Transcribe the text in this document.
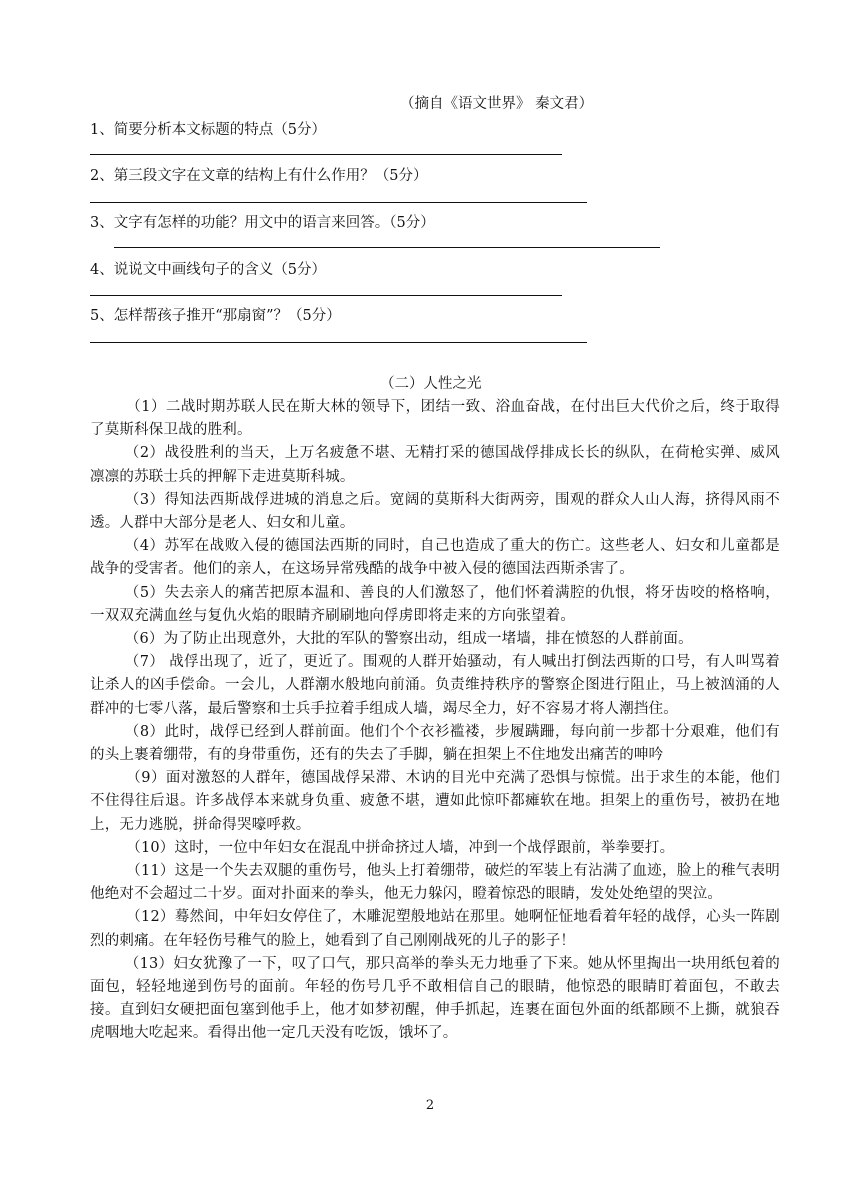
（摘自《语文世界》 秦文君）
1、简要分析本文标题的特点（5分）
2、第三段文字在文章的结构上有什么作用？（5分）
3、文字有怎样的功能？用文中的语言来回答。（5分）
4、说说文中画线句子的含义（5分）
5、怎样帮孩子推开“那扇窗”？（5分）
（二）人性之光

（1）二战时期苏联人民在斯大林的领导下，团结一致、浴血奋战，在付出巨大代价之后，终于取得了莫斯科保卫战的胜利。

（2）战役胜利的当天，上万名疲惫不堪、无精打采的德国战俘排成长长的纵队，在荷枪实弹、威风凛凛的苏联士兵的押解下走进莫斯科城。

（3）得知法西斯战俘进城的消息之后。宽阔的莫斯科大街两旁，围观的群众人山人海，挤得风雨不透。人群中大部分是老人、妇女和儿童。

（4）苏军在战败入侵的德国法西斯的同时，自己也造成了重大的伤亡。这些老人、妇女和儿童都是战争的受害者。他们的亲人，在这场异常残酷的战争中被入侵的德国法西斯杀害了。

（5）失去亲人的痛苦把原本温和、善良的人们激怒了，他们怀着满腔的仇恨，将牙齿咬的格格响，一双双充满血丝与复仇火焰的眼睛齐刷刷地向俘虏即将走来的方向张望着。

（6）为了防止出现意外，大批的军队的警察出动，组成一堵墙，排在愤怒的人群前面。

（7） 战俘出现了，近了，更近了。围观的人群开始骚动，有人喊出打倒法西斯的口号，有人叫骂着让杀人的凶手偿命。一会儿，人群潮水般地向前涌。负责维持秩序的警察企图进行阻止，马上被汹涌的人群冲的七零八落，最后警察和士兵手拉着手组成人墙，竭尽全力，好不容易才将人潮挡住。

（8）此时，战俘已经到人群前面。他们个个衣衫褴褛，步履蹒跚，每向前一步都十分艰难，他们有的头上裹着绷带，有的身带重伤，还有的失去了手脚，躺在担架上不住地发出痛苦的呻吟

（9）面对激怒的人群年，德国战俘呆滞、木讷的目光中充满了恐惧与惊慌。出于求生的本能，他们不住得往后退。许多战俘本来就身负重、疲惫不堪，遭如此惊吓都瘫软在地。担架上的重伤号，被扔在地上，无力逃脱，拼命得哭嚎呼救。

（10）这时，一位中年妇女在混乱中拼命挤过人墙，冲到一个战俘跟前，举拳要打。

（11）这是一个失去双腿的重伤号，他头上打着绷带，破烂的军装上有沾满了血迹，脸上的稚气表明他绝对不会超过二十岁。面对扑面来的拳头，他无力躲闪，瞪着惊恐的眼睛，发处处绝望的哭泣。

（12）蓦然间，中年妇女停住了，木雕泥塑般地站在那里。她啊怔怔地看着年轻的战俘，心头一阵剧烈的刺痛。在年轻伤号稚气的脸上，她看到了自己刚刚战死的儿子的影子！

（13）妇女犹豫了一下，叹了口气，那只高举的拳头无力地垂了下来。她从怀里掏出一块用纸包着的面包，轻轻地递到伤号的面前。年轻的伤号几乎不敢相信自己的眼睛，他惊恐的眼睛盯着面包，不敢去接。直到妇女硬把面包塞到他手上，他才如梦初醒，伸手抓起，连裹在面包外面的纸都顾不上撕，就狼吞虎咽地大吃起来。看得出他一定几天没有吃饭，饿坏了。

2
